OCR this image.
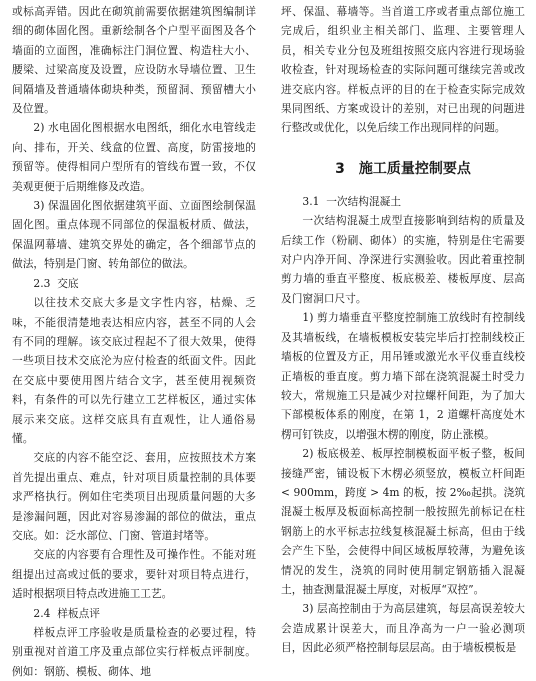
或标高弄错。因此在砌筑前需要依据建筑图编制详细的砌体固化图。重新绘制各个户型平面图及各个墙面的立面图，准确标注门洞位置、构造柱大小、腰梁、过梁高度及设置，应设防水导墙位置、卫生间隔墙及普通墙体砌块种类，预留洞、预留槽大小及位置。

2) 水电固化图根据水电图纸，细化水电管线走向、排布，开关、线盒的位置、高度，防雷接地的预留等。使得相同户型所有的管线布置一致，不仅美观更便于后期维修及改造。

3) 保温固化图依据建筑平面、立面图绘制保温固化图。重点体现不同部位的保温板材质、做法，保温网幕墙、建筑交界处的确定，各个细部节点的做法，特别是门窗、转角部位的做法。

2.3 交底

以往技术交底大多是文字性内容，枯燥、乏味，不能很清楚地表达相应内容，甚至不同的人会有不同的理解。该交底过程起不了很大效果，使得一些项目技术交底沦为应付检查的纸面文件。因此在交底中要使用图片结合文字，甚至使用视频资料，有条件的可以先行建立工艺样板区，通过实体展示来交底。这样交底具有直观性，让人通俗易懂。

交底的内容不能空泛、套用，应按照技术方案首先提出重点、难点，针对项目质量控制的具体要求严格执行。例如住宅类项目出现质量问题的大多是渗漏问题，因此对容易渗漏的部位的做法，重点交底。如：泛水部位、门窗、管道封堵等。

交底的内容要有合理性及可操作性。不能对班组提出过高或过低的要求，要针对项目特点进行，适时根据项目特点改进施工工艺。

2.4 样板点评

样板点评工序验收是质量检查的必要过程，特别重视对首道工序及重点部位实行样板点评制度。例如：钢筋、模板、砌体、地

坪、保温、幕墙等。当首道工序或者重点部位施工完成后，组织业主相关部门、监理、主要管理人员，相关专业分包及班组按照交底内容进行现场验收检查，针对现场检查的实际问题可继续完善或改进交底内容。样板点评的目的在于检查实际完成效果同图纸、方案或设计的差别，对已出现的问题进行整改或优化，以免后续工作出现同样的问题。

3 施工质量控制要点
3.1 一次结构混凝土

一次结构混凝土成型直接影响到结构的质量及后续工作（粉刷、砌体）的实施，特别是住宅需要对户内净开间、净深进行实测验收。因此着重控制剪力墙的垂直平整度、板底极差、楼板厚度、层高及门窗洞口尺寸。

1) 剪力墙垂直平整度控制施工放线时有控制线及其墙板线，在墙板模板安装完毕后打控制线校正墙板的位置及方正，用吊锤或激光水平仪垂直线校正墙板的垂直度。剪力墙下部在浇筑混凝土时受力较大，常规施工只是减少对拉螺杆间距，为了加大下部模板体系的刚度，在第 1，2 道螺杆高度处木楞可钉铁皮，以增强木楞的刚度，防止涨模。

2) 板底极差、板厚控制模板面平板子整，板间接缝严密，铺设板下木楞必须竖放，模板立杆间距 < 900mm，跨度 > 4m 的板，按 2‰起拱。浇筑混凝土板厚及板面标高控制一般按照先前标记在柱钢筋上的水平标志拉线复核混凝土标高，但由于线会产生下坠，会使得中间区域板厚较薄，为避免该情况的发生，浇筑的同时使用制定钢筋插入混凝土，抽查测量混凝土厚度，对板厚“双控”。

3) 层高控制由于为高层建筑，每层高误差较大会造成累计误差大，而且净高为一户一验必测项目，因此必须严格控制每层层高。由于墙板模板是
